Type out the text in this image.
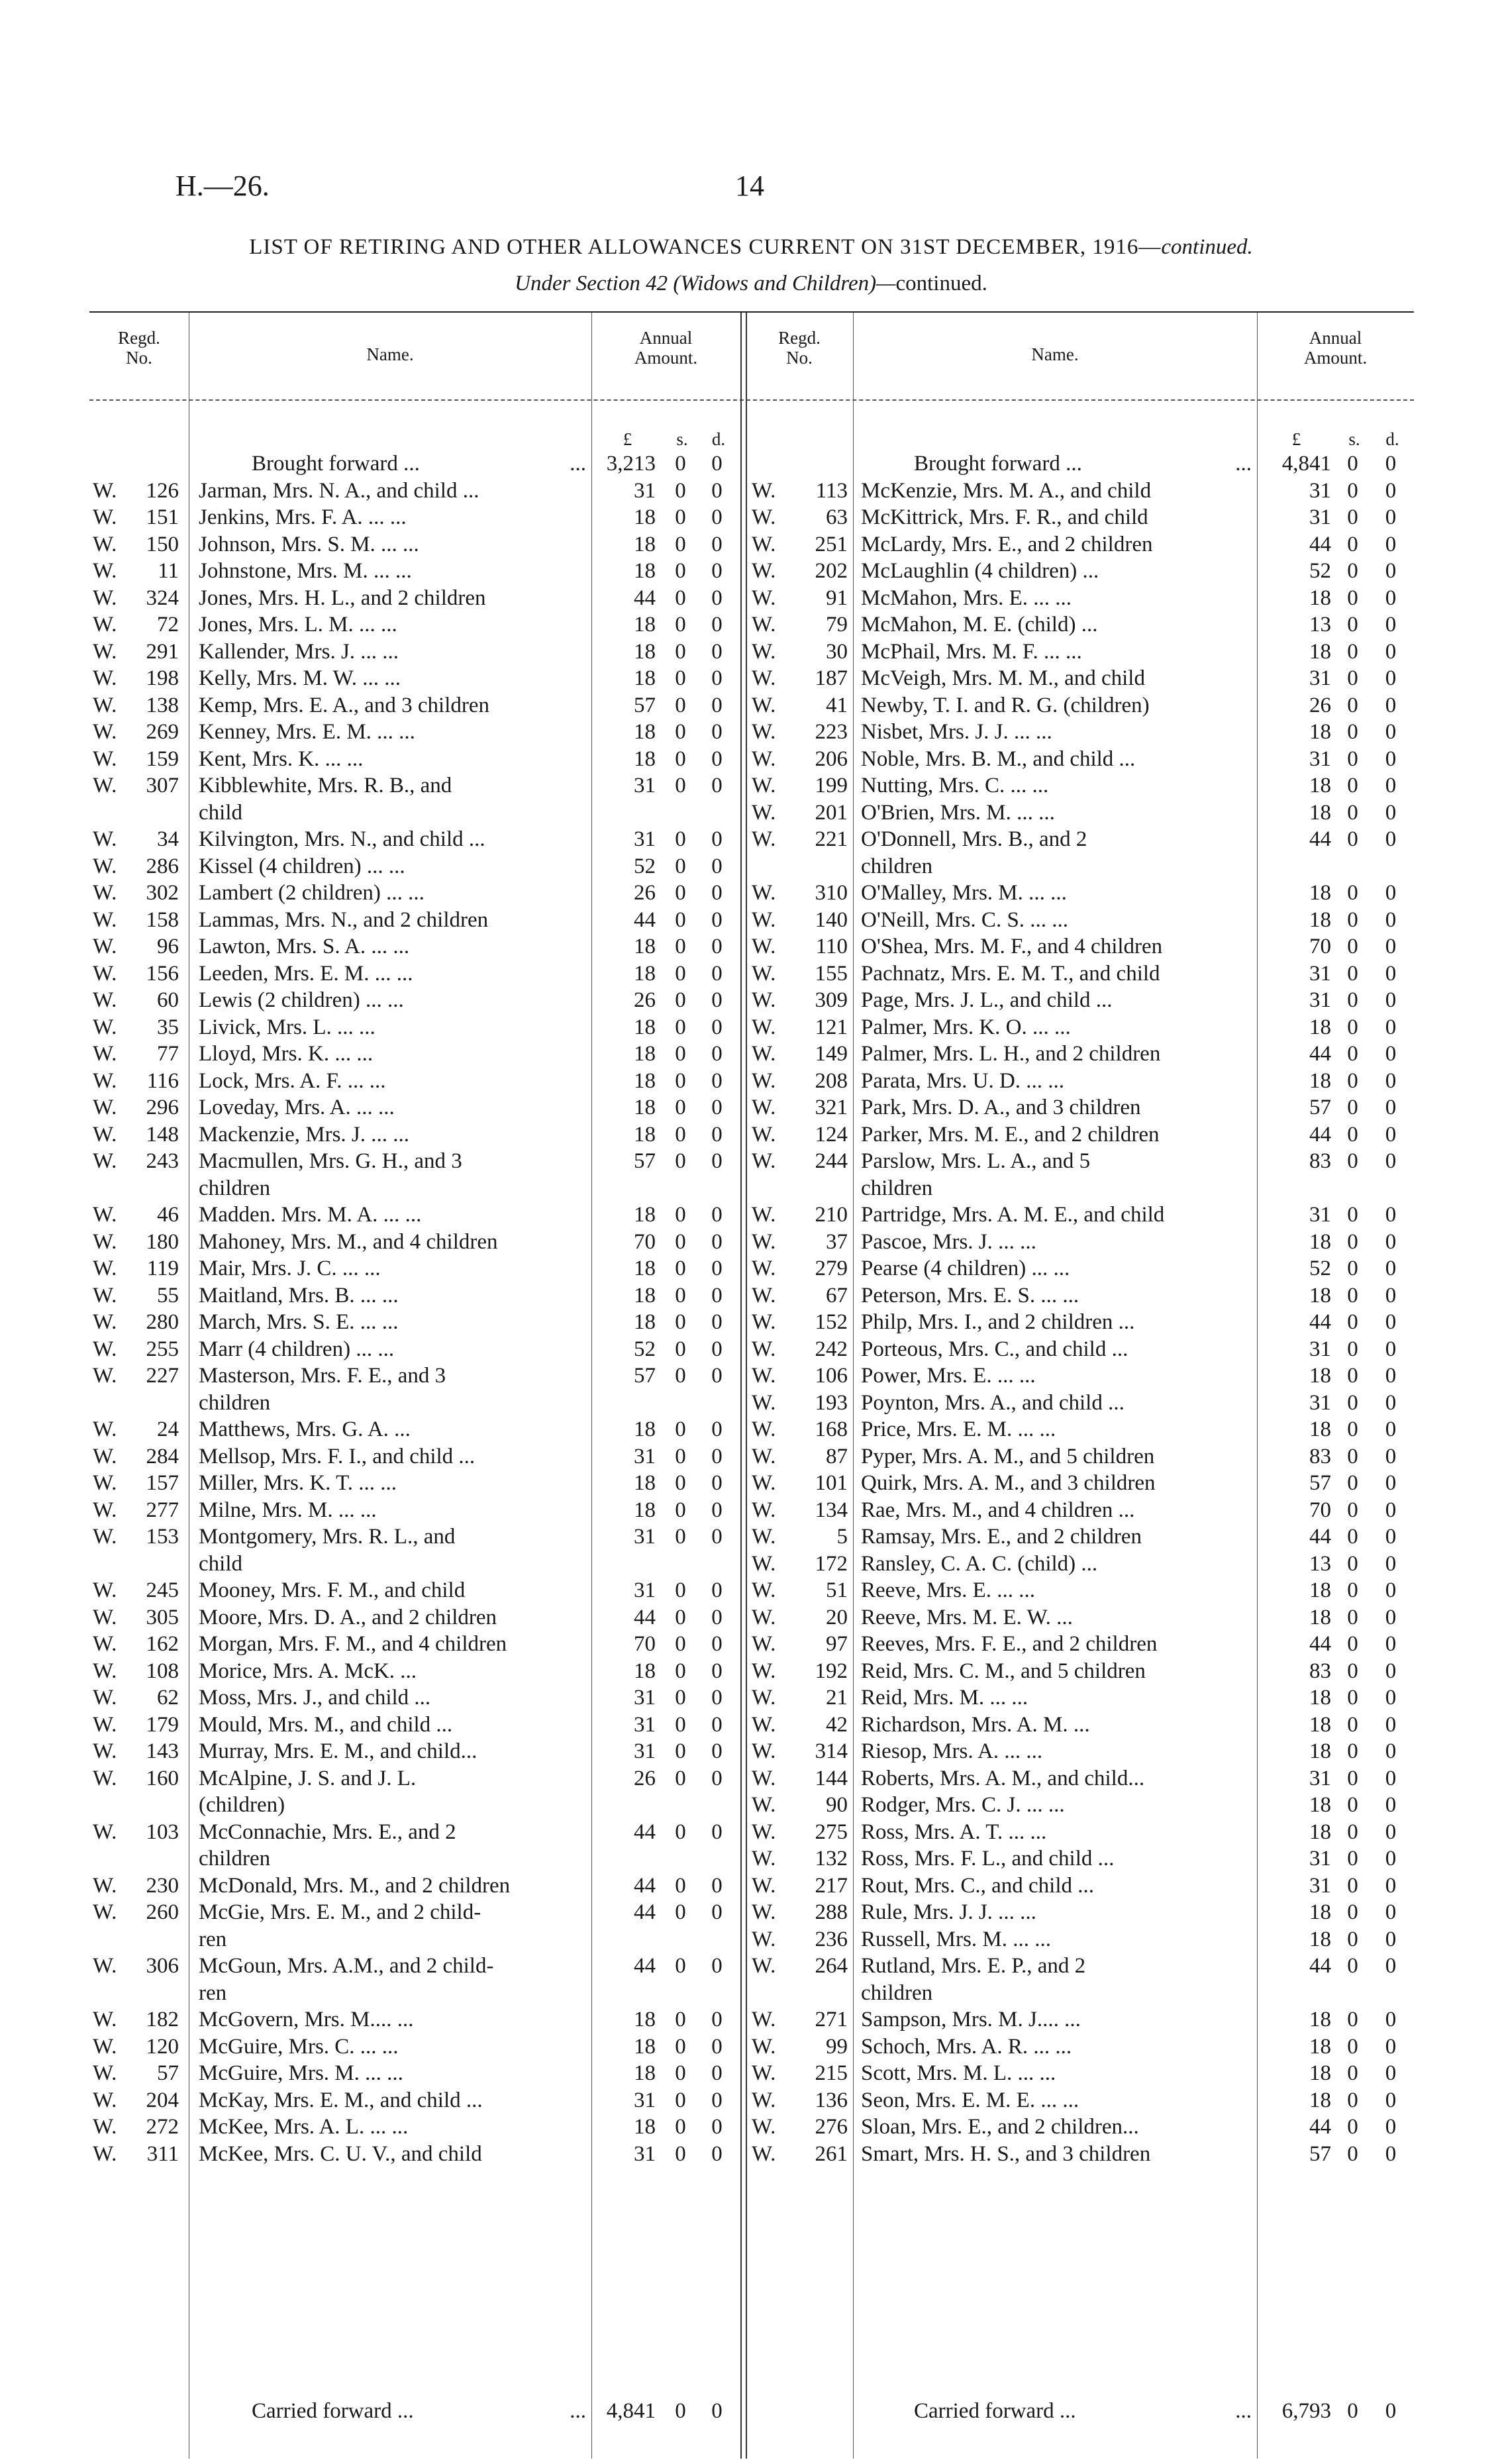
H.—26.	14
LIST OF RETIRING AND OTHER ALLOWANCES CURRENT ON 31ST DECEMBER, 1916—continued.
Under Section 42 (Widows and Children)—continued.
Regd.
No.	Name.
Annual
Amount.
Regd.
No.	Name.
Annual
Amount.
£	s.	d.	£	s.	d.
Brought forward ...	... 3,213 0	0
W. 126 Jarman, Mrs. N. A., and child ...	31 0	0
W. 151 Jenkins, Mrs. F. A. ... ...	18 0	0
W. 150 Johnson, Mrs. S. M. ... ...	18 0	0
W. 11 Johnstone, Mrs. M. ... ...	18 0	0
W. 324 Jones, Mrs. H. L., and 2 children	44 0	0
W. 72 Jones, Mrs. L. M. ... ...	18 0	0
W. 291 Kallender, Mrs. J. ... ...	18 0	0
W. 198 Kelly, Mrs. M. W. ... ...	18 0	0
W. 138 Kemp, Mrs. E. A., and 3 children	57 0	0
W. 269 Kenney, Mrs. E. M. ... ...	18 0	0
W. 159 Kent, Mrs. K. ... ...	18 0	0
W. 307 Kibblewhite, Mrs. R. B., and	31 0	0
child
W. 34 Kilvington, Mrs. N., and child ...	31 0	0
W. 286 Kissel (4 children) ... ...	52 0	0
W. 302 Lambert (2 children) ... ...	26 0	0
W. 158 Lammas, Mrs. N., and 2 children	44 0	0
W. 96 Lawton, Mrs. S. A. ... ...	18 0	0
W. 156 Leeden, Mrs. E. M. ... ...	18 0	0
W. 60 Lewis (2 children) ... ...	26 0	0
W. 35 Livick, Mrs. L. ... ...	18 0	0
W. 77 Lloyd, Mrs. K. ... ...	18 0	0
W. 116 Lock, Mrs. A. F. ... ...	18 0	0
W. 296 Loveday, Mrs. A. ... ...	18 0	0
W. 148 Mackenzie, Mrs. J. ... ...	18 0	0
W. 243 Macmullen, Mrs. G. H., and 3	57 0	0
children
W. 46 Madden. Mrs. M. A. ... ...	18 0	0
W. 180 Mahoney, Mrs. M., and 4 children	70 0	0
W. 119 Mair, Mrs. J. C. ... ...	18 0	0
W. 55 Maitland, Mrs. B. ... ...	18 0	0
W. 280 March, Mrs. S. E. ... ...	18 0	0
W. 255 Marr (4 children) ... ...	52 0	0
W. 227 Masterson, Mrs. F. E., and 3	57 0	0
children
W. 24 Matthews, Mrs. G. A. ...	18 0	0
W. 284 Mellsop, Mrs. F. I., and child ...	31 0	0
W. 157 Miller, Mrs. K. T. ... ...	18 0	0
W. 277 Milne, Mrs. M. ... ...	18 0	0
W. 153 Montgomery, Mrs. R. L., and	31 0	0
child
W. 245 Mooney, Mrs. F. M., and child	31 0	0
W. 305 Moore, Mrs. D. A., and 2 children	44 0	0
W. 162 Morgan, Mrs. F. M., and 4 children	70 0	0
W. 108 Morice, Mrs. A. McK. ...	18 0	0
W. 62 Moss, Mrs. J., and child ...	31 0	0
W. 179 Mould, Mrs. M., and child ...	31 0	0
W. 143 Murray, Mrs. E. M., and child...	31 0	0
W. 160 McAlpine, J. S. and J. L.	26 0	0
(children)
W. 103 McConnachie, Mrs. E., and 2	44 0	0
children
W. 230 McDonald, Mrs. M., and 2 children	44 0	0
W. 260 McGie, Mrs. E. M., and 2 child-	44 0	0
ren
W. 306 McGoun, Mrs. A.M., and 2 child-	44 0	0
ren
W. 182 McGovern, Mrs. M.... ...	18 0	0
W. 120 McGuire, Mrs. C. ... ...	18 0	0
W. 57 McGuire, Mrs. M. ... ...	18 0	0
W. 204 McKay, Mrs. E. M., and child ...	31 0	0
W. 272 McKee, Mrs. A. L. ... ...	18 0	0
W. 311 McKee, Mrs. C. U. V., and child	31 0	0
Carried forward ...	... 4,841 0	0
Brought forward ...	...	4,841 0	0
W. 113 McKenzie, Mrs. M. A., and child	31 0	0
W. 63 McKittrick, Mrs. F. R., and child	31 0	0
W. 251 McLardy, Mrs. E., and 2 children	44 0	0
W. 202 McLaughlin (4 children) ...	52 0	0
W. 91 McMahon, Mrs. E. ... ...	18 0	0
W. 79 McMahon, M. E. (child) ...	13 0	0
W. 30 McPhail, Mrs. M. F. ... ...	18 0	0
W. 187 McVeigh, Mrs. M. M., and child	31 0	0
W. 41 Newby, T. I. and R. G. (children)	26 0	0
W. 223 Nisbet, Mrs. J. J. ... ...	18 0	0
W. 206 Noble, Mrs. B. M., and child ...	31 0	0
W. 199 Nutting, Mrs. C. ... ...	18 0	0
W. 201 O'Brien, Mrs. M. ... ...	18 0	0
W. 221 O'Donnell, Mrs. B., and 2	44 0	0
children
W. 310 O'Malley, Mrs. M. ... ...	18 0	0
W. 140 O'Neill, Mrs. C. S. ... ...	18 0	0
W. 110 O'Shea, Mrs. M. F., and 4 children	70 0	0
W. 155 Pachnatz, Mrs. E. M. T., and child	31 0	0
W. 309 Page, Mrs. J. L., and child ...	31 0	0
W. 121 Palmer, Mrs. K. O. ... ...	18 0	0
W. 149 Palmer, Mrs. L. H., and 2 children	44 0	0
W. 208 Parata, Mrs. U. D. ... ...	18 0	0
W. 321 Park, Mrs. D. A., and 3 children	57 0	0
W. 124 Parker, Mrs. M. E., and 2 children	44 0	0
W. 244 Parslow, Mrs. L. A., and 5	83 0	0
children
W. 210 Partridge, Mrs. A. M. E., and child	31 0	0
W. 37 Pascoe, Mrs. J. ... ...	18 0	0
W. 279 Pearse (4 children) ... ...	52 0	0
W. 67 Peterson, Mrs. E. S. ... ...	18 0	0
W. 152 Philp, Mrs. I., and 2 children ...	44 0	0
W. 242 Porteous, Mrs. C., and child ...	31 0	0
W. 106 Power, Mrs. E. ... ...	18 0	0
W. 193 Poynton, Mrs. A., and child ...	31 0	0
W. 168 Price, Mrs. E. M. ... ...	18 0	0
W. 87 Pyper, Mrs. A. M., and 5 children	83 0	0
W. 101 Quirk, Mrs. A. M., and 3 children	57 0	0
W. 134 Rae, Mrs. M., and 4 children ...	70 0	0
W.	5 Ramsay, Mrs. E., and 2 children	44 0	0
W. 172 Ransley, C. A. C. (child) ...	13 0	0
W. 51 Reeve, Mrs. E. ... ...	18 0	0
W. 20 Reeve, Mrs. M. E. W. ...	18 0	0
W. 97 Reeves, Mrs. F. E., and 2 children	44 0	0
W. 192 Reid, Mrs. C. M., and 5 children	83 0	0
W. 21 Reid, Mrs. M. ... ...	18 0	0
W. 42 Richardson, Mrs. A. M. ...	18 0	0
W. 314 Riesop, Mrs. A. ... ...	18 0	0
W. 144 Roberts, Mrs. A. M., and child...	31 0	0
W. 90 Rodger, Mrs. C. J. ... ...	18 0	0
W. 275 Ross, Mrs. A. T. ... ...	18 0	0
W. 132 Ross, Mrs. F. L., and child ...	31 0	0
W. 217 Rout, Mrs. C., and child ...	31 0	0
W. 288 Rule, Mrs. J. J. ... ...	18 0	0
W. 236 Russell, Mrs. M. ... ...	18 0	0
W. 264 Rutland, Mrs. E. P., and 2	44 0	0
children
W. 271 Sampson, Mrs. M. J.... ...	18 0	0
W. 99 Schoch, Mrs. A. R. ... ...	18 0	0
W. 215 Scott, Mrs. M. L. ... ...	18 0	0
W. 136 Seon, Mrs. E. M. E. ... ...	18 0	0
W. 276 Sloan, Mrs. E., and 2 children...	44 0	0
W. 261 Smart, Mrs. H. S., and 3 children	57 0	0
Carried forward ...	...	6,793 0	0
